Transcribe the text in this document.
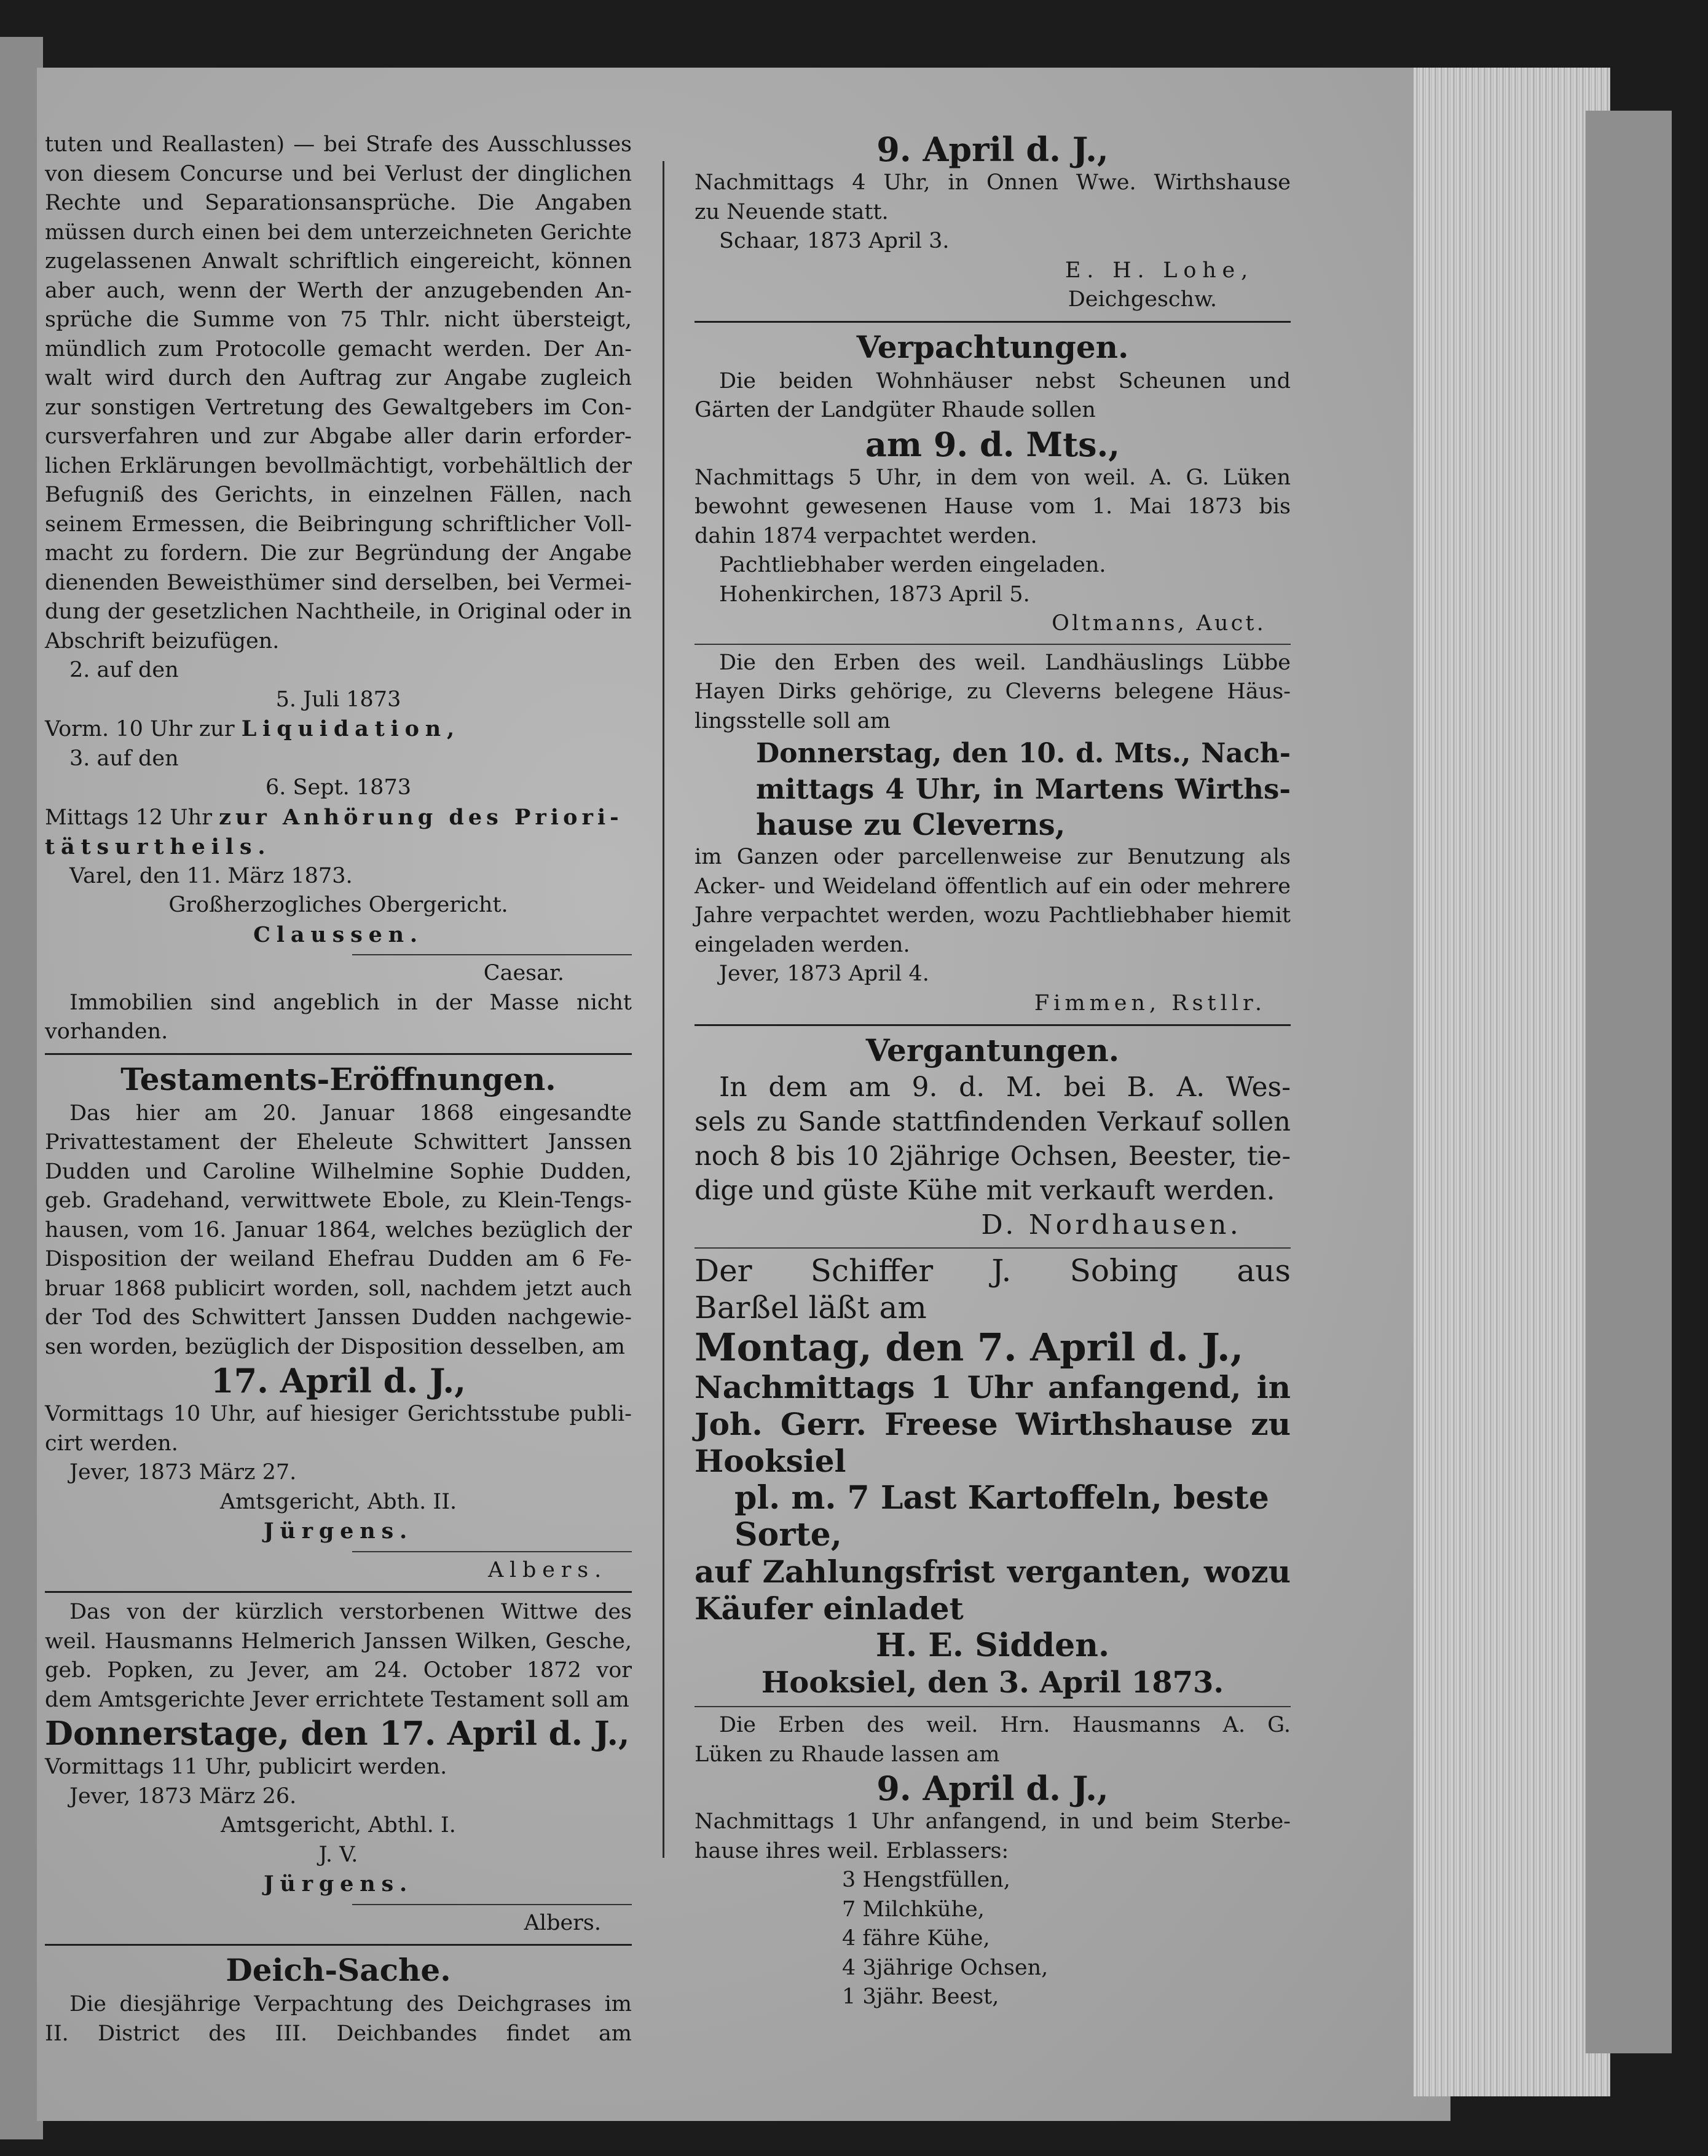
tuten und Reallasten) — bei Strafe des Ausschlusses
von diesem Concurse und bei Verlust der dinglichen
Rechte und Separationsansprüche. Die Angaben
müssen durch einen bei dem unterzeichneten Gerichte
zugelassenen Anwalt schriftlich eingereicht, können
aber auch, wenn der Werth der anzugebenden An-
sprüche die Summe von 75 Thlr. nicht übersteigt,
mündlich zum Protocolle gemacht werden. Der An-
walt wird durch den Auftrag zur Angabe zugleich
zur sonstigen Vertretung des Gewaltgebers im Con-
cursverfahren und zur Abgabe aller darin erforder-
lichen Erklärungen bevollmächtigt, vorbehältlich der
Befugniß des Gerichts, in einzelnen Fällen, nach
seinem Ermessen, die Beibringung schriftlicher Voll-
macht zu fordern. Die zur Begründung der Angabe
dienenden Beweisthümer sind derselben, bei Vermei-
dung der gesetzlichen Nachtheile, in Original oder in
Abschrift beizufügen.
2. auf den
5. Juli 1873
Vorm. 10 Uhr zur Liquidation,
3. auf den
6. Sept. 1873
Mittags 12 Uhr zur Anhörung des Priori-
tätsurtheils.
Varel, den 11. März 1873.
Großherzogliches Obergericht.
Claussen.
Caesar.
Immobilien sind angeblich in der Masse nicht
vorhanden.
Testaments-Eröffnungen.
Das hier am 20. Januar 1868 eingesandte
Privattestament der Eheleute Schwittert Janssen
Dudden und Caroline Wilhelmine Sophie Dudden,
geb. Gradehand, verwittwete Ebole, zu Klein-Tengs-
hausen, vom 16. Januar 1864, welches bezüglich der
Disposition der weiland Ehefrau Dudden am 6 Fe-
bruar 1868 publicirt worden, soll, nachdem jetzt auch
der Tod des Schwittert Janssen Dudden nachgewie-
sen worden, bezüglich der Disposition desselben, am
17. April d. J.,
Vormittags 10 Uhr, auf hiesiger Gerichtsstube publi-
cirt werden.
Jever, 1873 März 27.
Amtsgericht, Abth. II.
Jürgens.
Albers.
Das von der kürzlich verstorbenen Wittwe des
weil. Hausmanns Helmerich Janssen Wilken, Gesche,
geb. Popken, zu Jever, am 24. October 1872 vor
dem Amtsgerichte Jever errichtete Testament soll am
Donnerstage, den 17. April d. J.,
Vormittags 11 Uhr, publicirt werden.
Jever, 1873 März 26.
Amtsgericht, Abthl. I.
J. V.
Jürgens.
Albers.
Deich-Sache.
Die diesjährige Verpachtung des Deichgrases im
II. District des III. Deichbandes findet am
9. April d. J.,
Nachmittags 4 Uhr, in Onnen Wwe. Wirthshause
zu Neuende statt.
Schaar, 1873 April 3.
E. H. Lohe,
Deichgeschw.
Verpachtungen.
Die beiden Wohnhäuser nebst Scheunen und
Gärten der Landgüter Rhaude sollen
am 9. d. Mts.,
Nachmittags 5 Uhr, in dem von weil. A. G. Lüken
bewohnt gewesenen Hause vom 1. Mai 1873 bis
dahin 1874 verpachtet werden.
Pachtliebhaber werden eingeladen.
Hohenkirchen, 1873 April 5.
Oltmanns, Auct.
Die den Erben des weil. Landhäuslings Lübbe
Hayen Dirks gehörige, zu Cleverns belegene Häus-
lingsstelle soll am
Donnerstag, den 10. d. Mts., Nach-
mittags 4 Uhr, in Martens Wirths-
hause zu Cleverns,
im Ganzen oder parcellenweise zur Benutzung als
Acker- und Weideland öffentlich auf ein oder mehrere
Jahre verpachtet werden, wozu Pachtliebhaber hiemit
eingeladen werden.
Jever, 1873 April 4.
Fimmen, Rstllr.
Vergantungen.
In dem am 9. d. M. bei B. A. Wes-
sels zu Sande stattfindenden Verkauf sollen
noch 8 bis 10 2jährige Ochsen, Beester, tie-
dige und güste Kühe mit verkauft werden.
D. Nordhausen.
Der Schiffer J. Sobing aus
Barßel läßt am
Montag, den 7. April d. J.,
Nachmittags 1 Uhr anfangend, in
Joh. Gerr. Freese Wirthshause zu
Hooksiel
pl. m. 7 Last Kartoffeln, beste
Sorte,
auf Zahlungsfrist verganten, wozu
Käufer einladet
H. E. Sidden.
Hooksiel, den 3. April 1873.
Die Erben des weil. Hrn. Hausmanns A. G.
Lüken zu Rhaude lassen am
9. April d. J.,
Nachmittags 1 Uhr anfangend, in und beim Sterbe-
hause ihres weil. Erblassers:
3 Hengstfüllen,
7 Milchkühe,
4 fähre Kühe,
4 3jährige Ochsen,
1 3jähr. Beest,
